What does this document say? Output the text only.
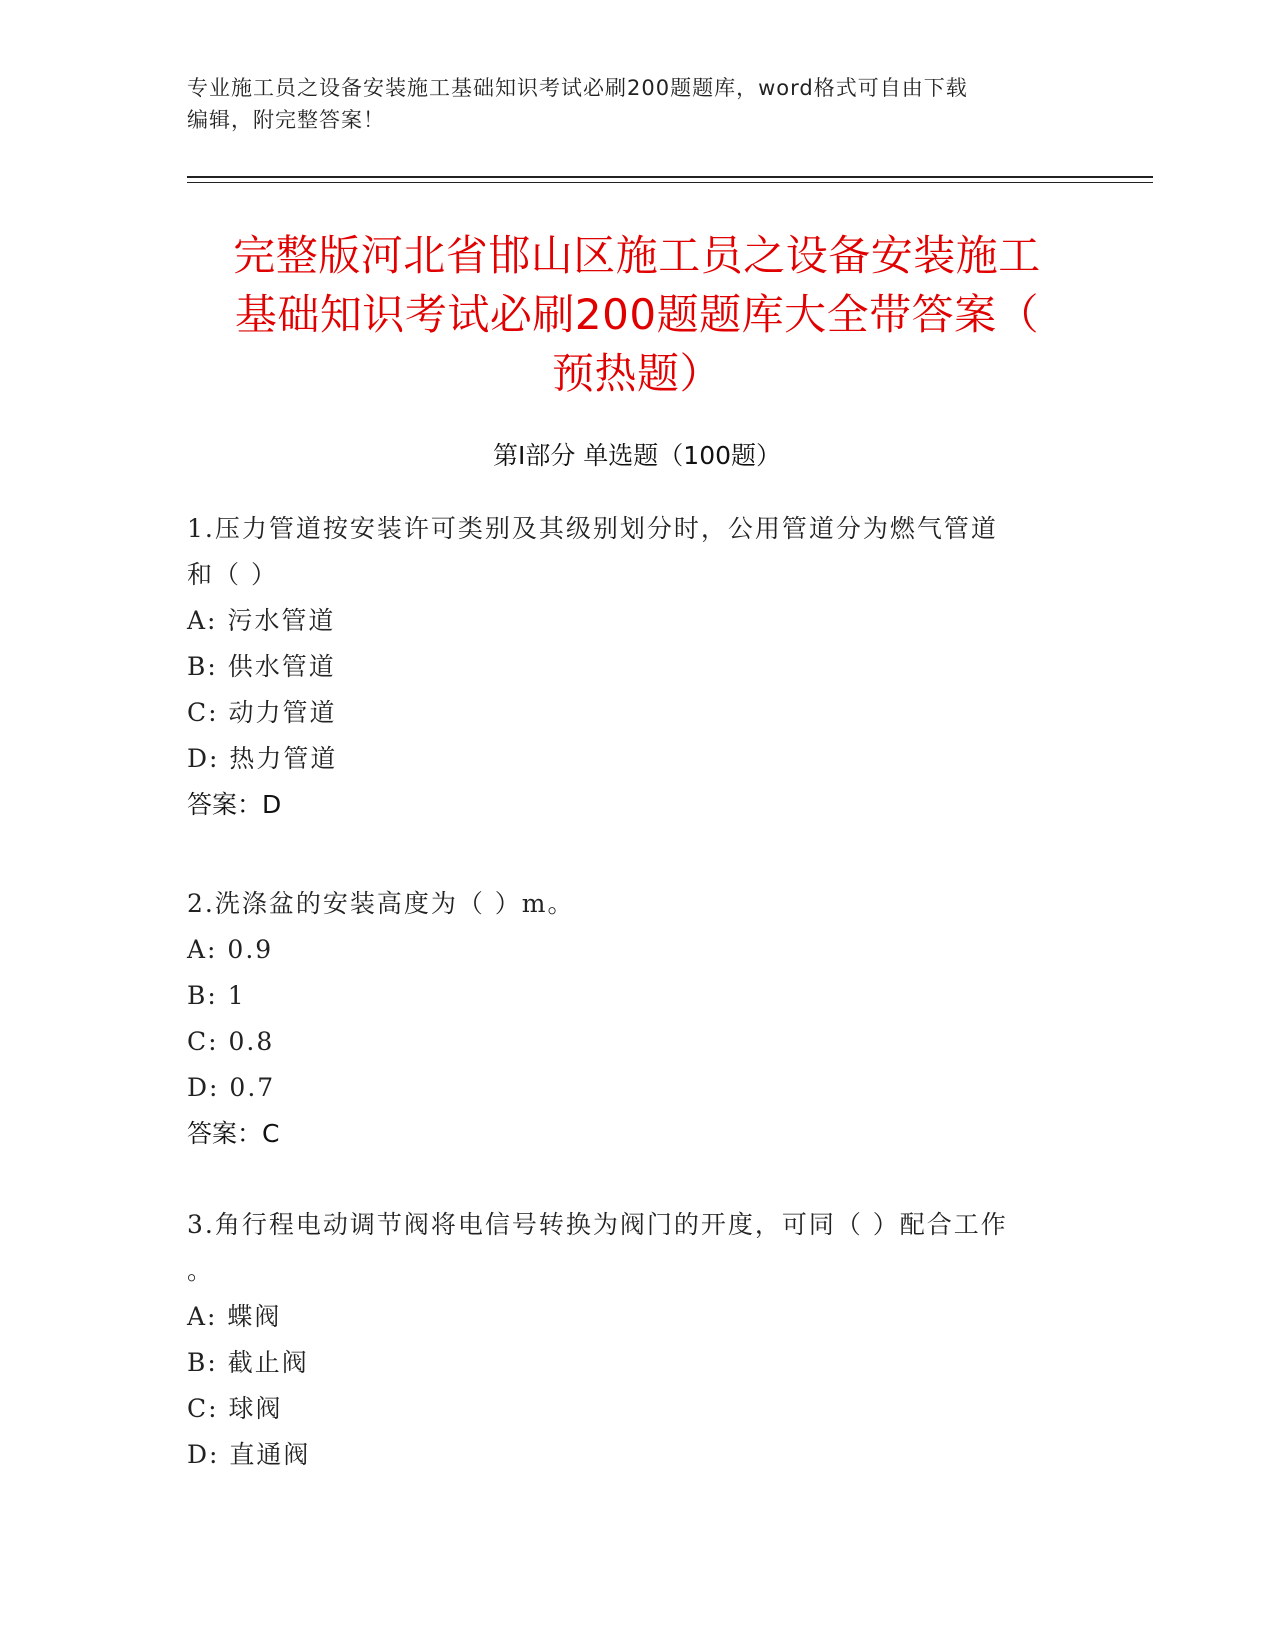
专业施工员之设备安装施工基础知识考试必刷200题题库，word格式可自由下载
编辑，附完整答案！
完整版河北省邯山区施工员之设备安装施工
基础知识考试必刷200题题库大全带答案（
预热题）
第Ⅰ部分 单选题（100题）
1.压力管道按安装许可类别及其级别划分时，公用管道分为燃气管道
和（ ）
A: 污水管道
B: 供水管道
C: 动力管道
D: 热力管道
答案：D
2.洗涤盆的安装高度为（ ）m。
A: 0.9
B: 1
C: 0.8
D: 0.7
答案：C
3.角行程电动调节阀将电信号转换为阀门的开度，可同（ ）配合工作
。
A: 蝶阀
B: 截止阀
C: 球阀
D: 直通阀
